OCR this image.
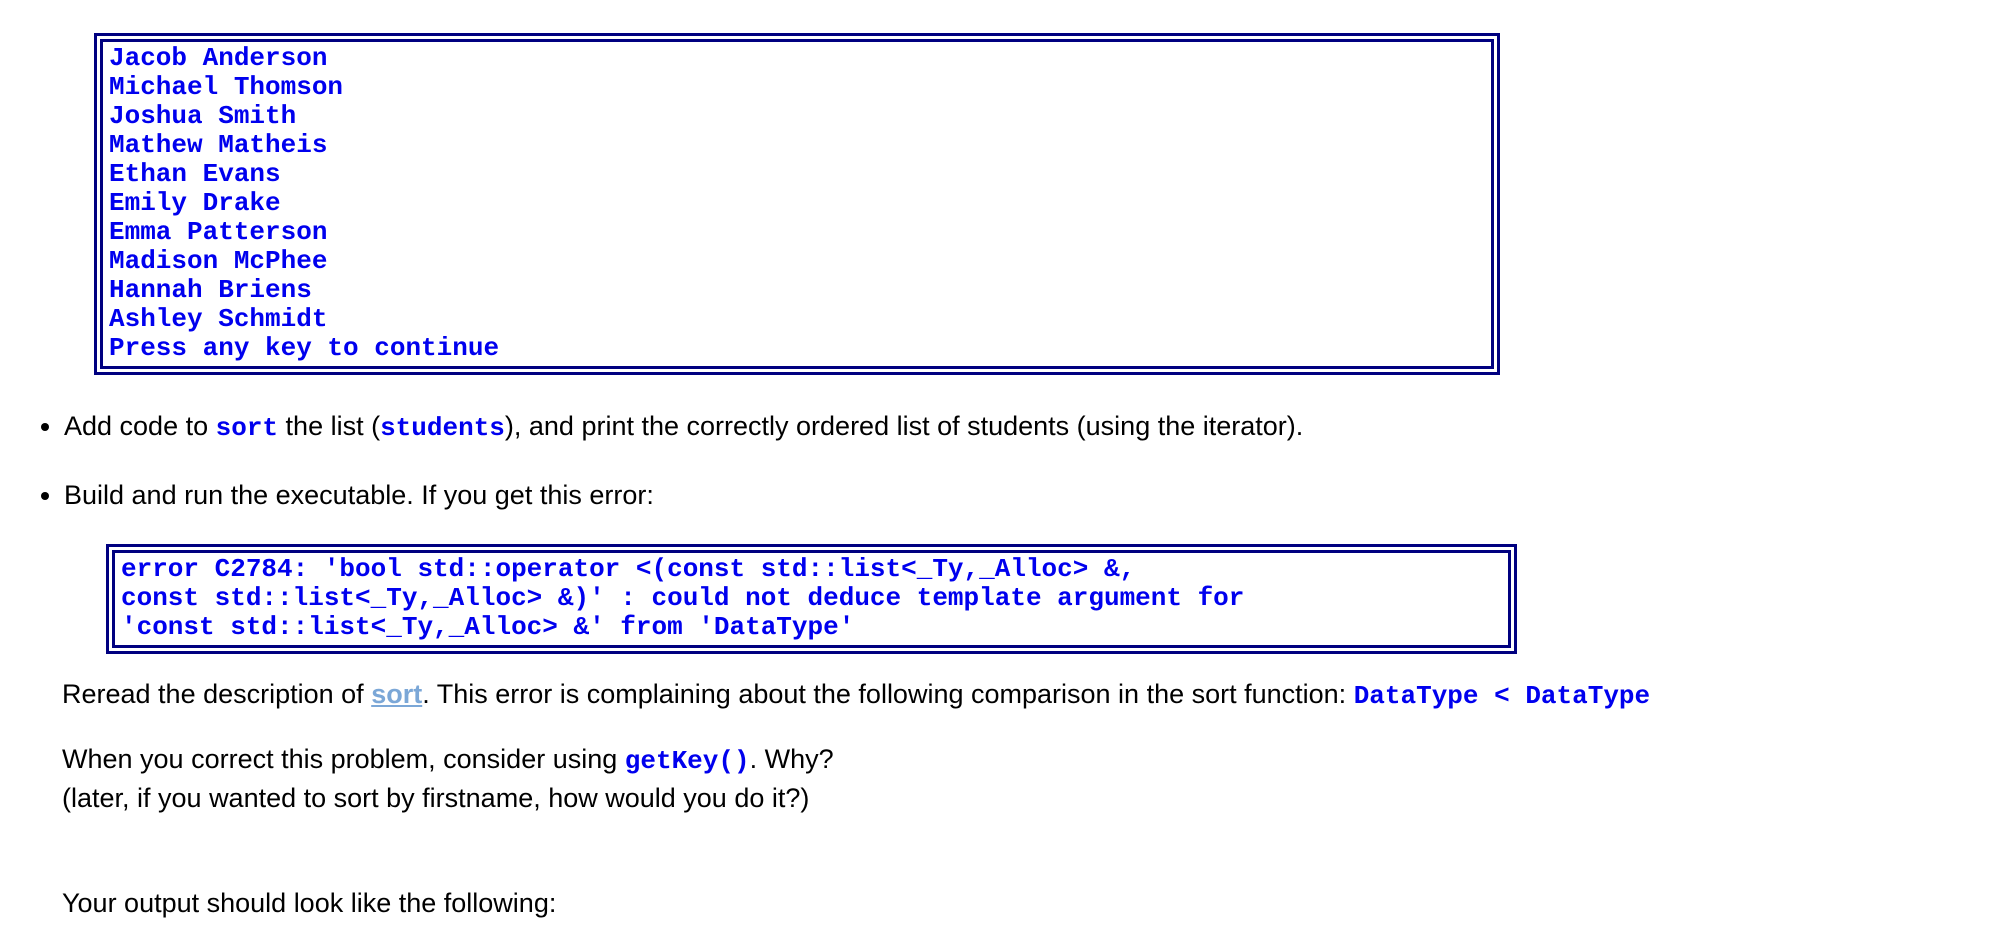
Jacob Anderson
Michael Thomson
Joshua Smith
Mathew Matheis
Ethan Evans
Emily Drake
Emma Patterson
Madison McPhee
Hannah Briens
Ashley Schmidt
Press any key to continue
• Add code to sort the list (students), and print the correctly ordered list of students (using the iterator).
• Build and run the executable. If you get this error:
error C2784: 'bool std::operator <(const std::list<_Ty,_Alloc> &,
const std::list<_Ty,_Alloc> &)' : could not deduce template argument for
'const std::list<_Ty,_Alloc> &' from 'DataType'

Reread the description of sort. This error is complaining about the following comparison in the sort function: DataType < DataType

When you correct this problem, consider using getKey(). Why?
(later, if you wanted to sort by firstname, how would you do it?)

Your output should look like the following:
